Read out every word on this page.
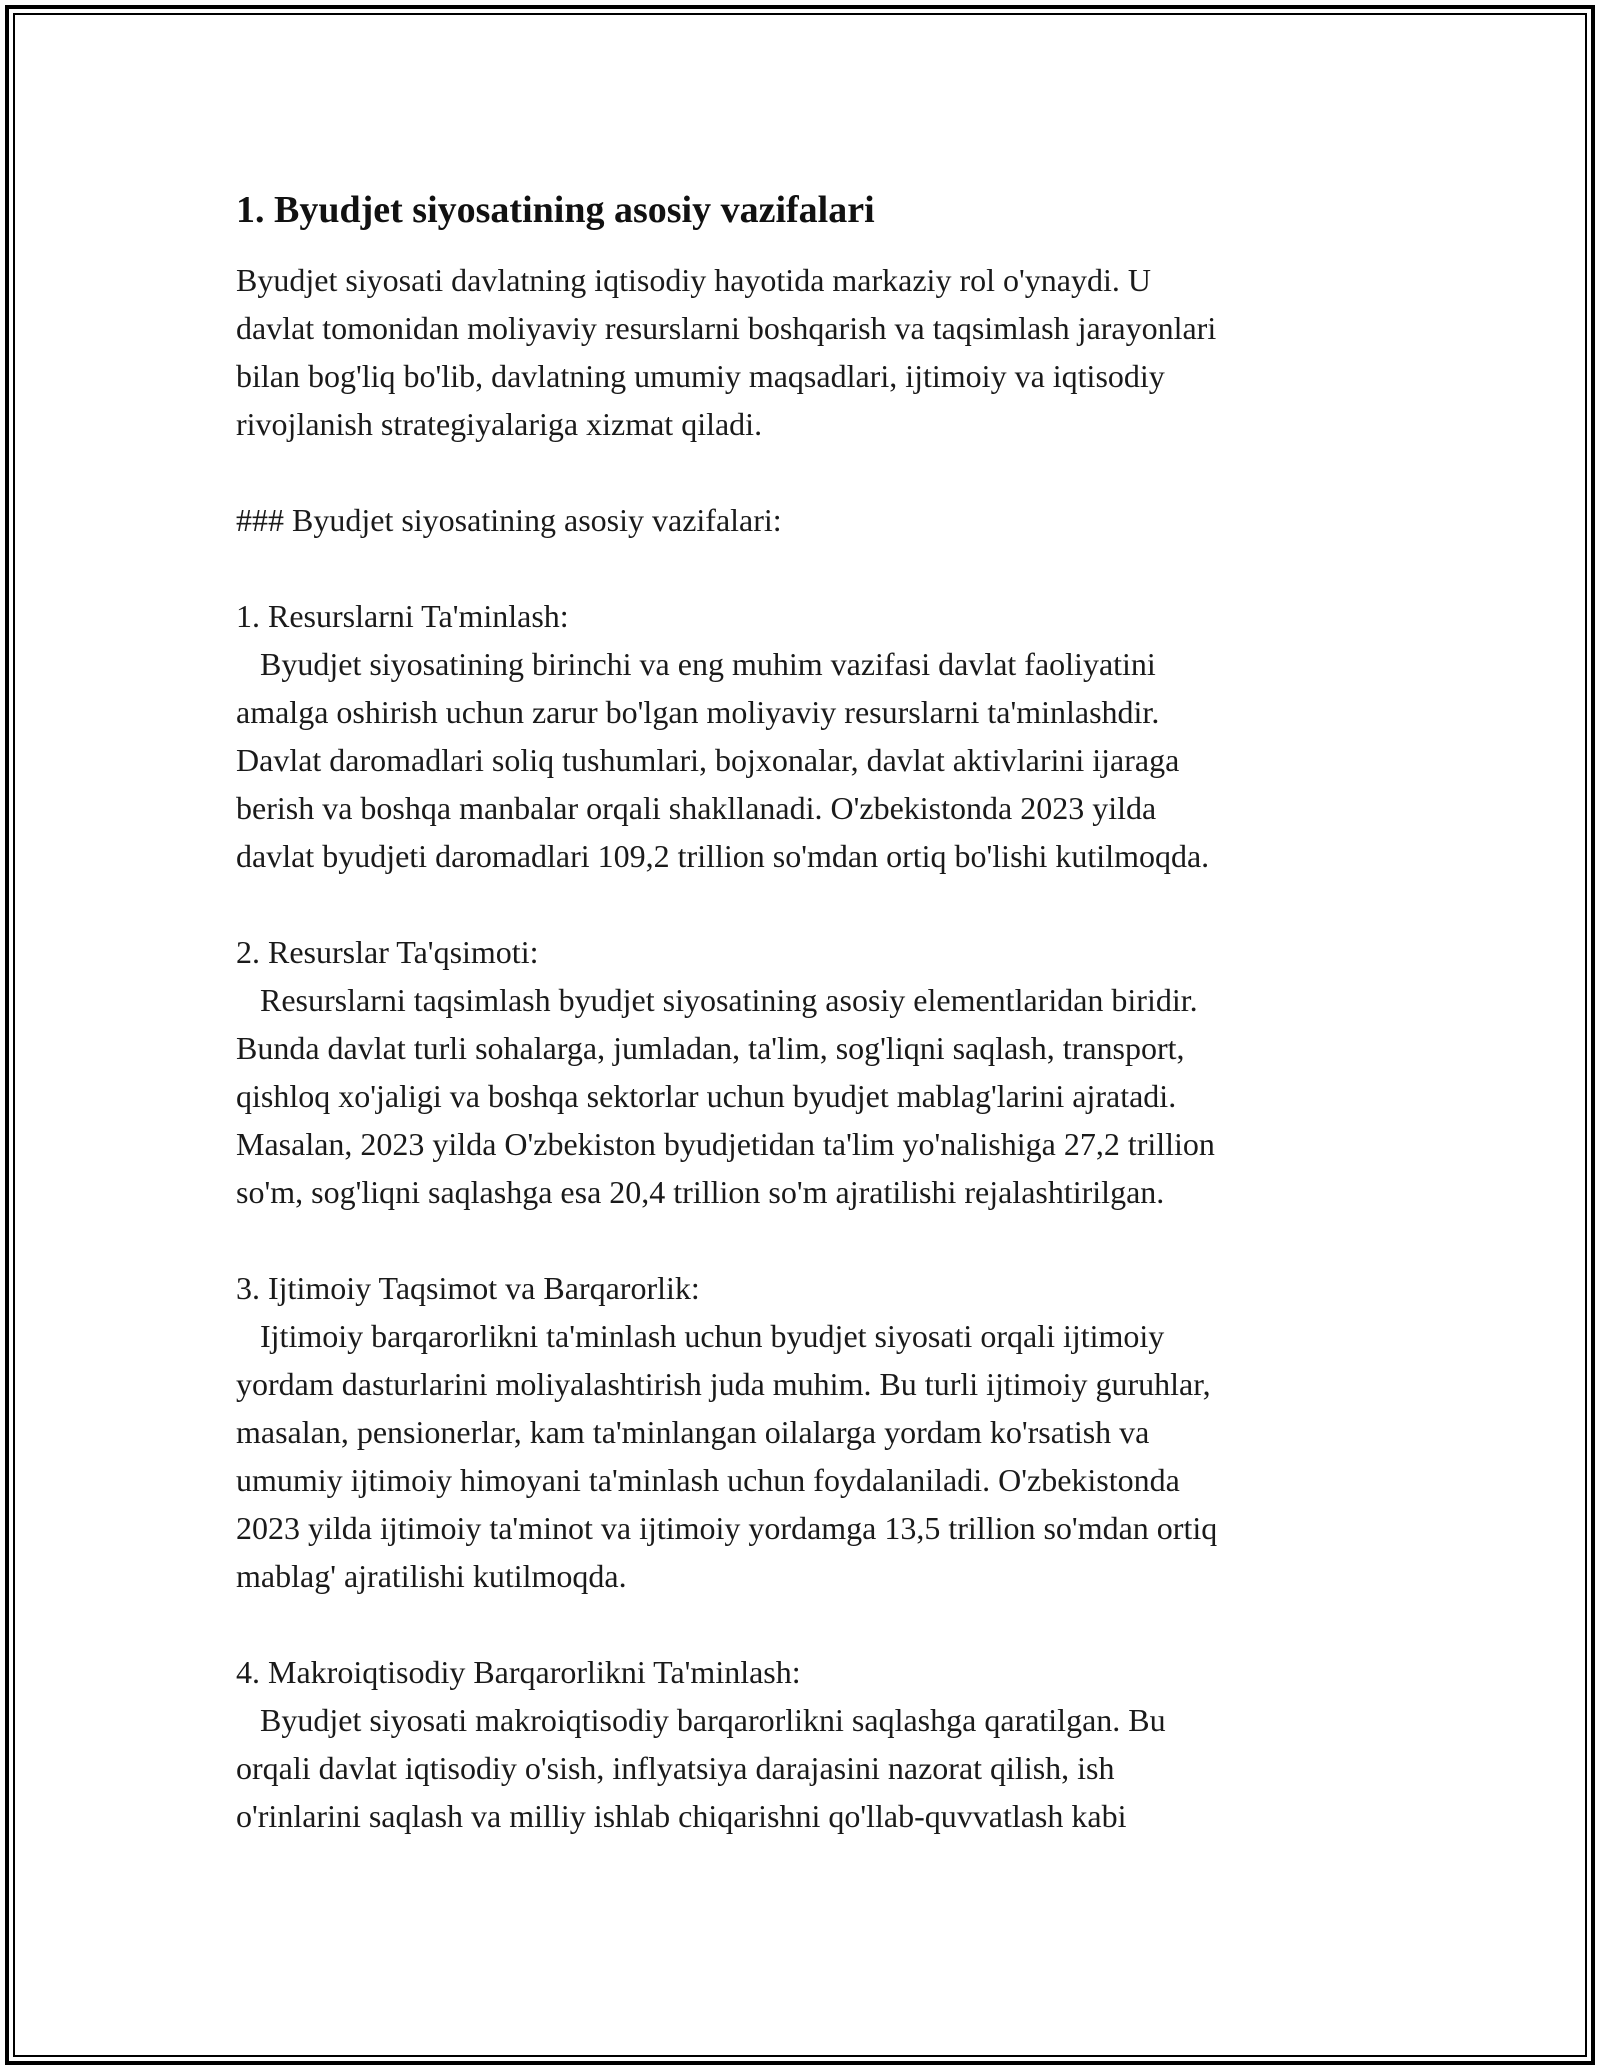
1. Byudjet siyosatining asosiy vazifalari

Byudjet siyosati davlatning iqtisodiy hayotida markaziy rol o'ynaydi. U
davlat tomonidan moliyaviy resurslarni boshqarish va taqsimlash jarayonlari
bilan bog'liq bo'lib, davlatning umumiy maqsadlari, ijtimoiy va iqtisodiy
rivojlanish strategiyalariga xizmat qiladi.

### Byudjet siyosatining asosiy vazifalari:

1. Resurslarni Ta'minlash:

Byudjet siyosatining birinchi va eng muhim vazifasi davlat faoliyatini
amalga oshirish uchun zarur bo'lgan moliyaviy resurslarni ta'minlashdir.
Davlat daromadlari soliq tushumlari, bojxonalar, davlat aktivlarini ijaraga
berish va boshqa manbalar orqali shakllanadi. O'zbekistonda 2023 yilda
davlat byudjeti daromadlari 109,2 trillion so'mdan ortiq bo'lishi kutilmoqda.

2. Resurslar Ta'qsimoti:

Resurslarni taqsimlash byudjet siyosatining asosiy elementlaridan biridir.
Bunda davlat turli sohalarga, jumladan, ta'lim, sog'liqni saqlash, transport,
qishloq xo'jaligi va boshqa sektorlar uchun byudjet mablag'larini ajratadi.
Masalan, 2023 yilda O'zbekiston byudjetidan ta'lim yo'nalishiga 27,2 trillion
so'm, sog'liqni saqlashga esa 20,4 trillion so'm ajratilishi rejalashtirilgan.

3. Ijtimoiy Taqsimot va Barqarorlik:

Ijtimoiy barqarorlikni ta'minlash uchun byudjet siyosati orqali ijtimoiy
yordam dasturlarini moliyalashtirish juda muhim. Bu turli ijtimoiy guruhlar,
masalan, pensionerlar, kam ta'minlangan oilalarga yordam ko'rsatish va
umumiy ijtimoiy himoyani ta'minlash uchun foydalaniladi. O'zbekistonda
2023 yilda ijtimoiy ta'minot va ijtimoiy yordamga 13,5 trillion so'mdan ortiq
mablag' ajratilishi kutilmoqda.

4. Makroiqtisodiy Barqarorlikni Ta'minlash:

Byudjet siyosati makroiqtisodiy barqarorlikni saqlashga qaratilgan. Bu
orqali davlat iqtisodiy o'sish, inflyatsiya darajasini nazorat qilish, ish
o'rinlarini saqlash va milliy ishlab chiqarishni qo'llab-quvvatlash kabi
